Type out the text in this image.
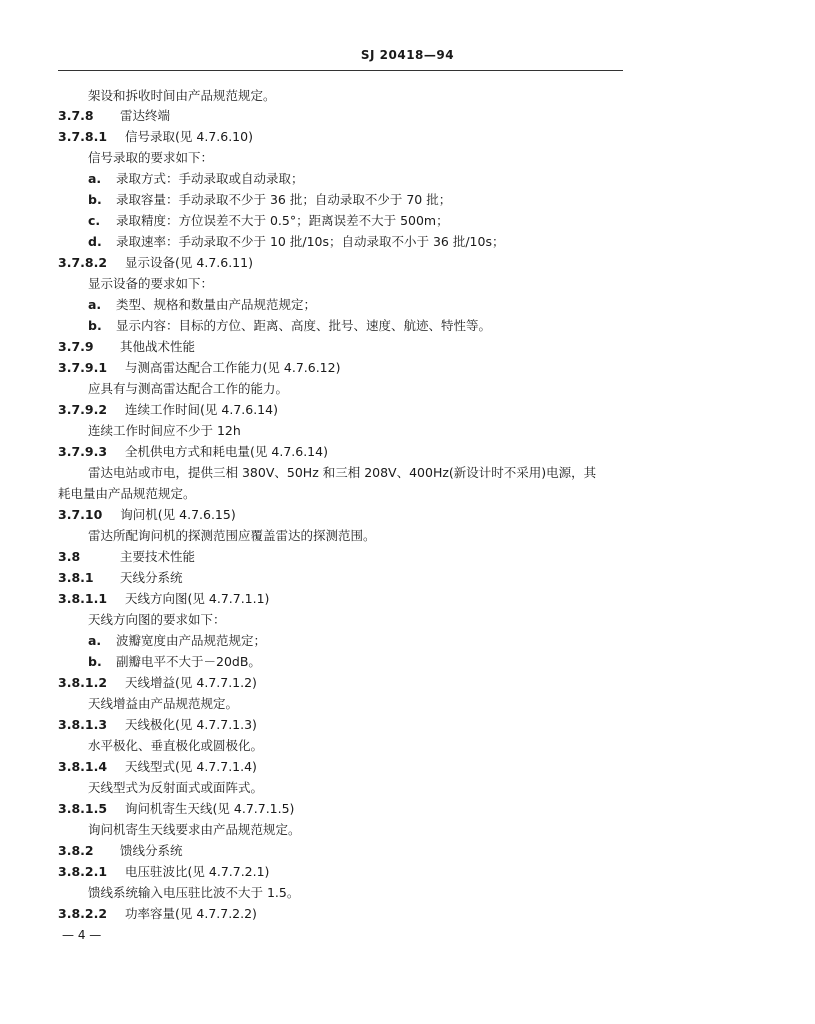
SJ 20418—94
架设和拆收时间由产品规范规定。
3.7.8 雷达终端
3.7.8.1 信号录取(见 4.7.6.10)
信号录取的要求如下：
a. 录取方式：手动录取或自动录取；
b. 录取容量：手动录取不少于 36 批；自动录取不少于 70 批；
c. 录取精度：方位误差不大于 0.5°；距离误差不大于 500m；
d. 录取速率：手动录取不少于 10 批/10s；自动录取不小于 36 批/10s；
3.7.8.2 显示设备(见 4.7.6.11)
显示设备的要求如下：
a. 类型、规格和数量由产品规范规定；
b. 显示内容：目标的方位、距离、高度、批号、速度、航迹、特性等。
3.7.9 其他战术性能
3.7.9.1 与测高雷达配合工作能力(见 4.7.6.12)
应具有与测高雷达配合工作的能力。
3.7.9.2 连续工作时间(见 4.7.6.14)
连续工作时间应不少于 12h
3.7.9.3 全机供电方式和耗电量(见 4.7.6.14)
雷达电站或市电，提供三相 380V、50Hz 和三相 208V、400Hz(新设计时不采用)电源，其
耗电量由产品规范规定。
3.7.10 询问机(见 4.7.6.15)
雷达所配询问机的探测范围应覆盖雷达的探测范围。
3.8	主要技术性能
3.8.1 天线分系统
3.8.1.1 天线方向图(见 4.7.7.1.1)
天线方向图的要求如下：
a. 波瓣宽度由产品规范规定；
b. 副瓣电平不大于－20dB。
3.8.1.2 天线增益(见 4.7.7.1.2)
天线增益由产品规范规定。
3.8.1.3 天线极化(见 4.7.7.1.3)
水平极化、垂直极化或圆极化。
3.8.1.4 天线型式(见 4.7.7.1.4)
天线型式为反射面式或面阵式。
3.8.1.5 询问机寄生天线(见 4.7.7.1.5)
询问机寄生天线要求由产品规范规定。
3.8.2 馈线分系统
3.8.2.1 电压驻波比(见 4.7.7.2.1)
馈线系统输入电压驻比波不大于 1.5。
3.8.2.2 功率容量(见 4.7.7.2.2)
— 4 —
